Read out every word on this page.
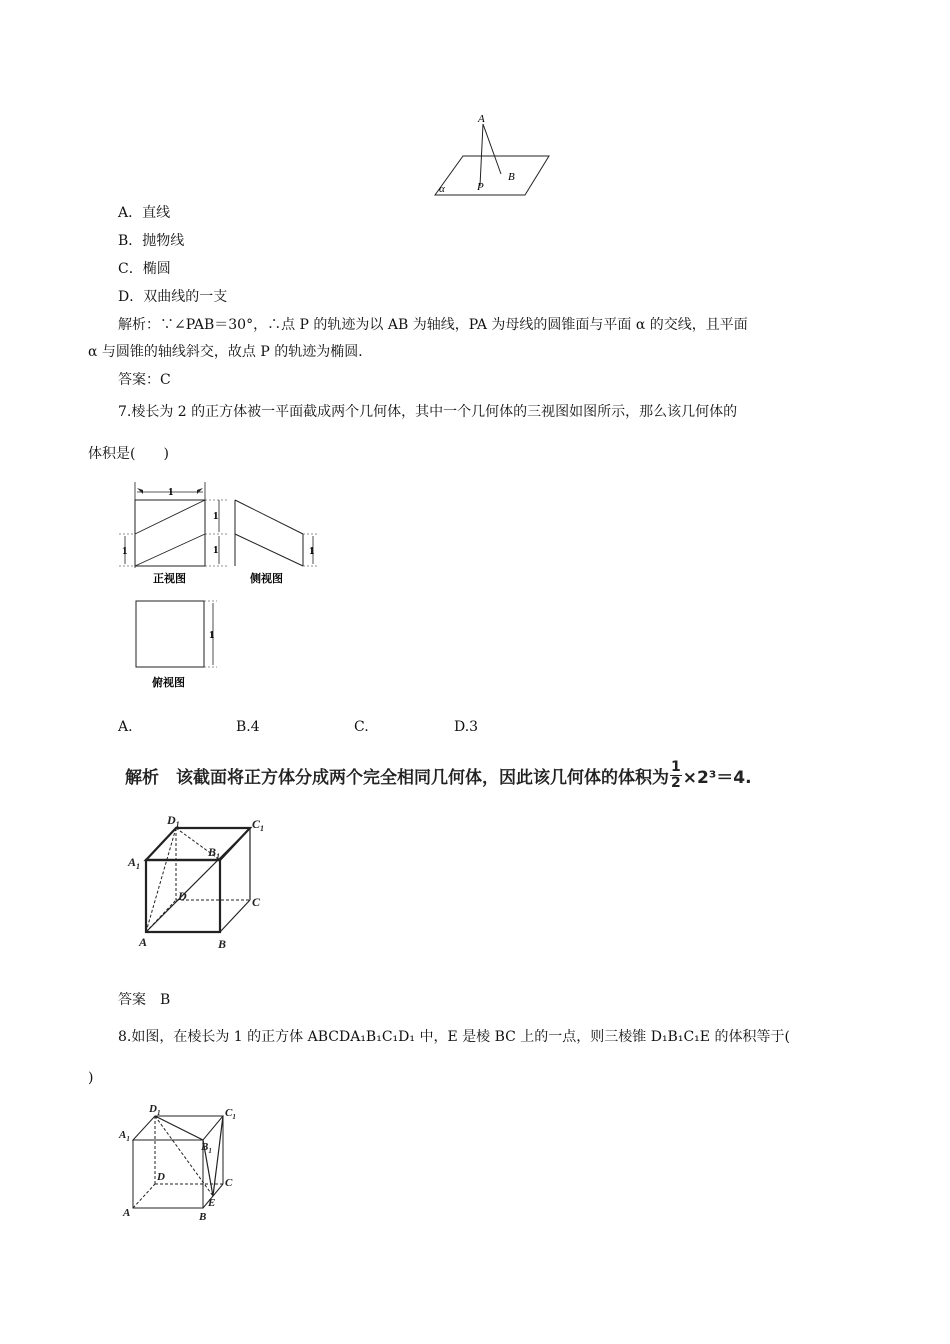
A
B
P
α
A．直线
B．抛物线
C．椭圆
D．双曲线的一支
解析：∵∠PAB＝30°，∴点 P 的轨迹为以 AB 为轴线，PA 为母线的圆锥面与平面 α 的交线，且平面
α 与圆锥的轴线斜交，故点 P 的轨迹为椭圆．
答案：C
7.棱长为 2 的正方体被一平面截成两个几何体，其中一个几何体的三视图如图所示，那么该几何体的
体积是(　　)
1
1
1
1
正视图
1
侧视图
1
俯视图
A.	B.4	C.	D.3
解析　该截面将正方体分成两个完全相同几何体，因此该几何体的体积为 $\frac{1}{2} \times 2^3=4$.
$D_1$	$C_1$
$A_1$
$B_1$
D	C
A	B
答案　B
8.如图，在棱长为 1 的正方体 ABCDA₁B₁C₁D₁ 中，E 是棱 BC 上的一点，则三棱锥 D₁B₁C₁E 的体积等于(
)
$D_1$	$C_1$
$A_1$
$B_1$
D	C
E
A	B
